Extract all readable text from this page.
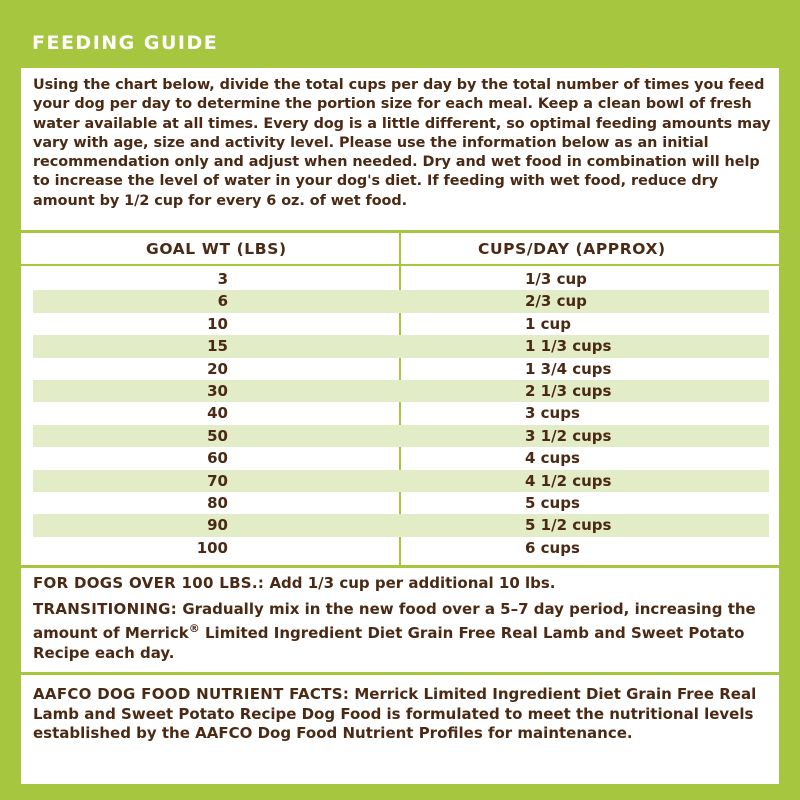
FEEDING GUIDE
Using the chart below, divide the total cups per day by the total number of times you feed your dog per day to determine the portion size for each meal. Keep a clean bowl of fresh water available at all times. Every dog is a little different, so optimal feeding amounts may vary with age, size and activity level. Please use the information below as an initial recommendation only and adjust when needed. Dry and wet food in combination will help to increase the level of water in your dog's diet. If feeding with wet food, reduce dry amount by 1/2 cup for every 6 oz. of wet food.
GOAL WT (LBS)	CUPS/DAY (APPROX)
3	1/3 cup
6	2/3 cup
10	1 cup
15	1 1/3 cups
20	1 3/4 cups
30	2 1/3 cups
40	3 cups
50	3 1/2 cups
60	4 cups
70	4 1/2 cups
80	5 cups
90	5 1/2 cups
100	6 cups
FOR DOGS OVER 100 LBS.: Add 1/3 cup per additional 10 lbs.
TRANSITIONING: Gradually mix in the new food over a 5–7 day period, increasing the amount of Merrick® Limited Ingredient Diet Grain Free Real Lamb and Sweet Potato Recipe each day.
AAFCO DOG FOOD NUTRIENT FACTS: Merrick Limited Ingredient Diet Grain Free Real Lamb and Sweet Potato Recipe Dog Food is formulated to meet the nutritional levels established by the AAFCO Dog Food Nutrient Profiles for maintenance.
